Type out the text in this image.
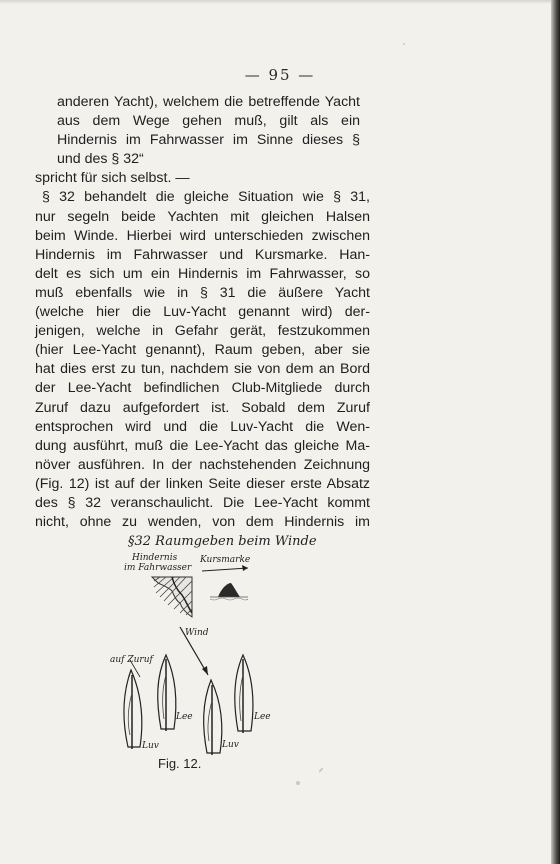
— 95 —
anderen Yacht), welchem die betreffende Yacht
aus dem Wege gehen muß, gilt als ein
Hindernis im Fahrwasser im Sinne dieses §
und des § 32“
spricht für sich selbst. —
§ 32 behandelt die gleiche Situation wie § 31,
nur segeln beide Yachten mit gleichen Halsen
beim Winde. Hierbei wird unterschieden zwischen
Hindernis im Fahrwasser und Kursmarke. Han-
delt es sich um ein Hindernis im Fahrwasser, so
muß ebenfalls wie in § 31 die äußere Yacht
(welche hier die Luv-Yacht genannt wird) der-
jenigen, welche in Gefahr gerät, festzukommen
(hier Lee-Yacht genannt), Raum geben, aber sie
hat dies erst zu tun, nachdem sie von dem an Bord
der Lee-Yacht befindlichen Club-Mitgliede durch
Zuruf dazu aufgefordert ist. Sobald dem Zuruf
entsprochen wird und die Luv-Yacht die Wen-
dung ausführt, muß die Lee-Yacht das gleiche Ma-
növer ausführen. In der nachstehenden Zeichnung
(Fig. 12) ist auf der linken Seite dieser erste Absatz
des § 32 veranschaulicht. Die Lee-Yacht kommt
nicht, ohne zu wenden, von dem Hindernis im
§32 Raumgeben beim Winde
Hindernis
im Fahrwasser
Kursmarke
Wind
auf Zuruf
Lee
Luv
Lee
Luv
Fig. 12.
